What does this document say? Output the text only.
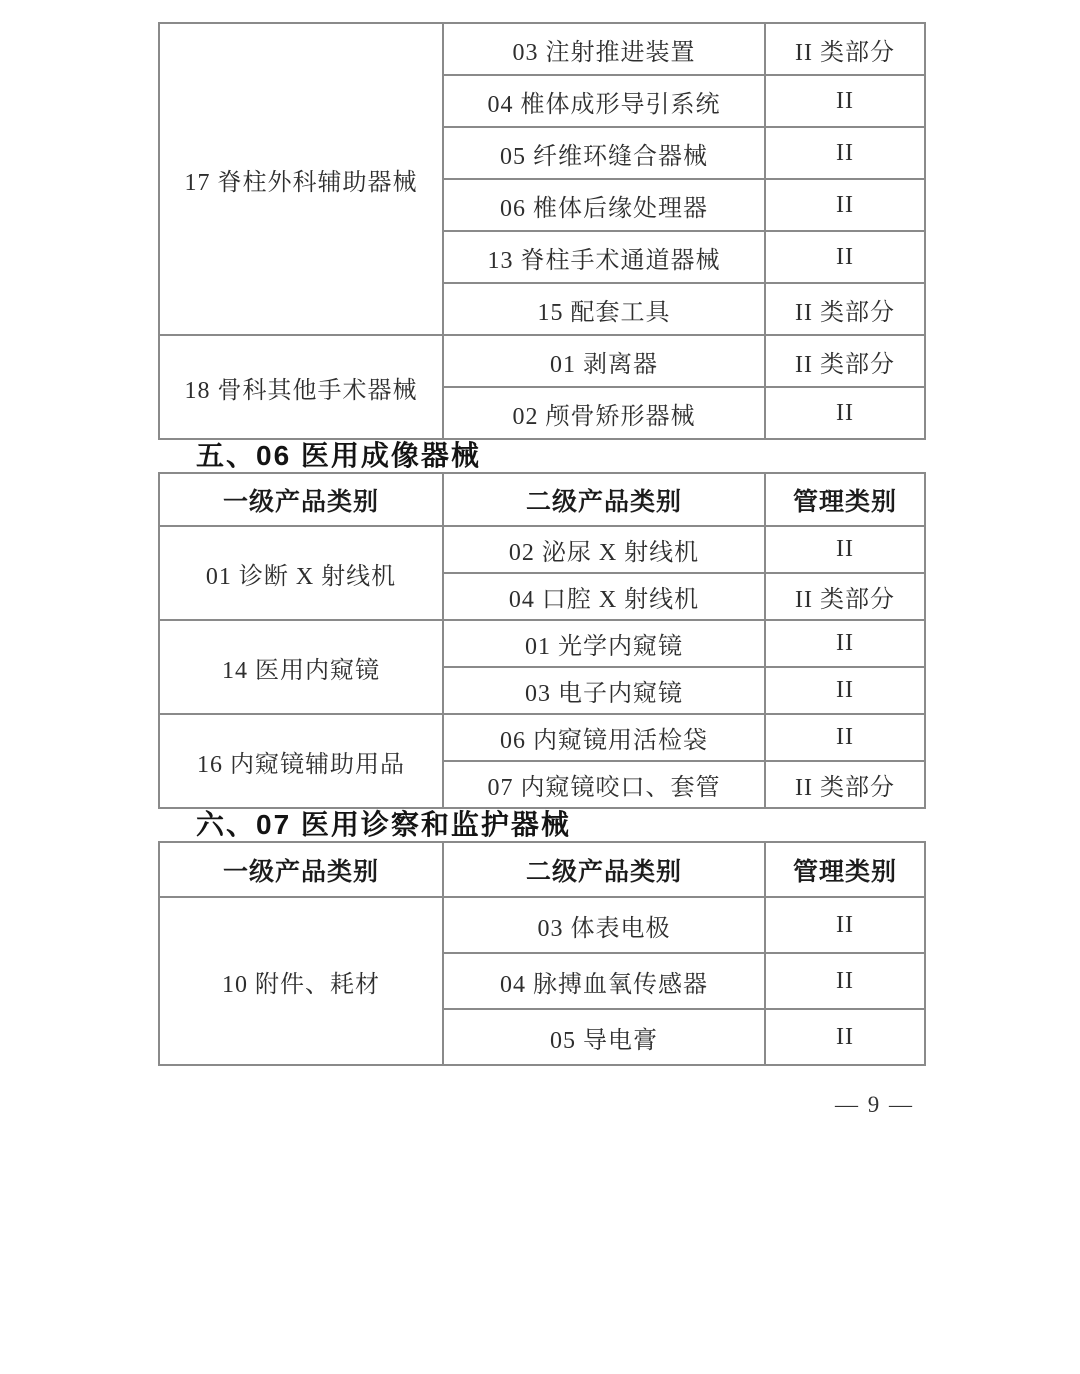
17 脊柱外科辅助器械	03 注射推进装置	II 类部分
	04 椎体成形导引系统	II
	05 纤维环缝合器械	II
	06 椎体后缘处理器	II
	13 脊柱手术通道器械	II
	15 配套工具	II 类部分
18 骨科其他手术器械	01 剥离器	II 类部分
	02 颅骨矫形器械	II
五、06 医用成像器械
一级产品类别	二级产品类别	管理类别
01 诊断 X 射线机	02 泌尿 X 射线机	II
	04 口腔 X 射线机	II 类部分
14 医用内窥镜	01 光学内窥镜	II
	03 电子内窥镜	II
16 内窥镜辅助用品	06 内窥镜用活检袋	II
	07 内窥镜咬口、套管	II 类部分
六、07 医用诊察和监护器械
一级产品类别	二级产品类别	管理类别
10 附件、耗材	03 体表电极	II
	04 脉搏血氧传感器	II
	05 导电膏	II
— 9 —
